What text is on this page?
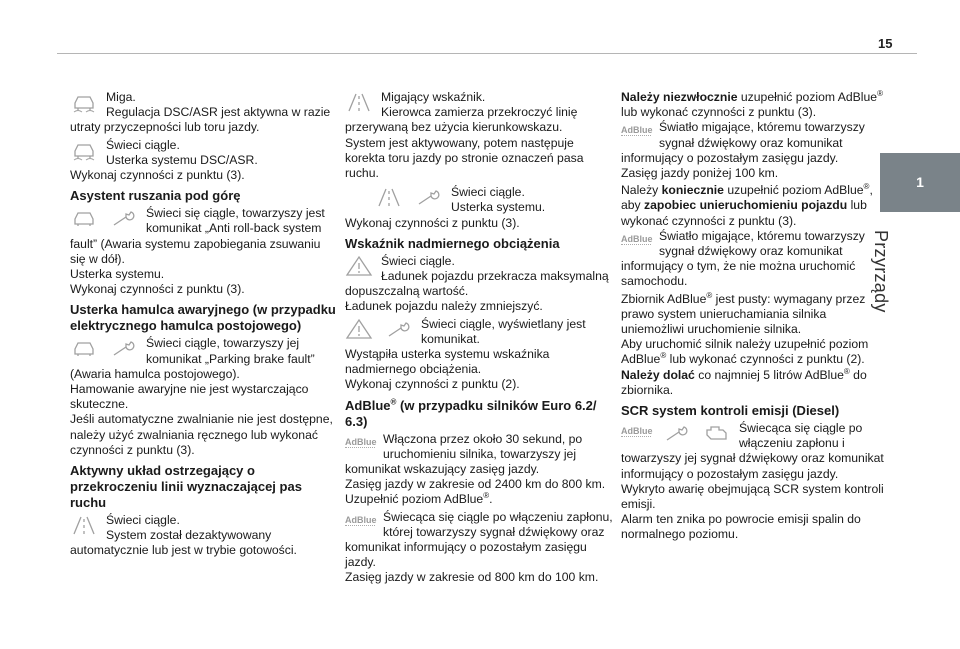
15
1
Przyrządy

Miga.

Regulacja DSC/ASR jest aktywna w razie utraty przyczepności lub toru jazdy.

Świeci ciągle.

Usterka systemu DSC/ASR.

Wykonaj czynności z punktu (3).

Asystent ruszania pod górę

Świeci się ciągle, towarzyszy jest komunikat „Anti roll-back system fault” (Awaria systemu zapobiegania zsuwaniu się w dół).

Usterka systemu.

Wykonaj czynności z punktu (3).

Usterka hamulca awaryjnego (w przypadku elektrycznego hamulca postojowego)

Świeci ciągle, towarzyszy jej komunikat „Parking brake fault” (Awaria hamulca postojowego).

Hamowanie awaryjne nie jest wystarczająco skuteczne.

Jeśli automatyczne zwalnianie nie jest dostępne, należy użyć zwalniania ręcznego lub wykonać czynności z punktu (3).

Aktywny układ ostrzegający o przekroczeniu linii wyznaczającej pas ruchu

Świeci ciągle.

System został dezaktywowany automatycznie lub jest w trybie gotowości.

Migający wskaźnik.

Kierowca zamierza przekroczyć linię przerywaną bez użycia kierunkowskazu.

System jest aktywowany, potem następuje korekta toru jazdy po stronie oznaczeń pasa ruchu.

Świeci ciągle.

Usterka systemu.

Wykonaj czynności z punktu (3).

Wskaźnik nadmiernego obciążenia

Świeci ciągle.

Ładunek pojazdu przekracza maksymalną dopuszczalną wartość.

Ładunek pojazdu należy zmniejszyć.

Świeci ciągle, wyświetlany jest komunikat.

Wystąpiła usterka systemu wskaźnika nadmiernego obciążenia.

Wykonaj czynności z punktu (2).

AdBlue® (w przypadku silników Euro 6.2/ 6.3)
AdBlue Włączona przez około 30 sekund, po uruchomieniu silnika, towarzyszy jej komunikat wskazujący zasięg jazdy.

Zasięg jazdy w zakresie od 2400 km do 800 km.

Uzupełnić poziom AdBlue®.

AdBlue Świecąca się ciągle po włączeniu zapłonu, której towarzyszy sygnał dźwiękowy oraz komunikat informujący o pozostałym zasięgu jazdy.

Zasięg jazdy w zakresie od 800 km do 100 km.

Należy niezwłocznie uzupełnić poziom AdBlue® lub wykonać czynności z punktu (3).

AdBlue Światło migające, któremu towarzyszy sygnał dźwiękowy oraz komunikat informujący o pozostałym zasięgu jazdy.

Zasięg jazdy poniżej 100 km.

Należy koniecznie uzupełnić poziom AdBlue®, aby zapobiec unieruchomieniu pojazdu lub wykonać czynności z punktu (3).

AdBlue Światło migające, któremu towarzyszy sygnał dźwiękowy oraz komunikat informujący o tym, że nie można uruchomić samochodu.

Zbiornik AdBlue® jest pusty: wymagany przez prawo system unieruchamiania silnika uniemożliwi uruchomienie silnika.

Aby uruchomić silnik należy uzupełnić poziom AdBlue® lub wykonać czynności z punktu (2).

Należy dolać co najmniej 5 litrów AdBlue® do zbiornika.

SCR system kontroli emisji (Diesel)
AdBlue	Świecąca się ciągle po włączeniu zapłonu i towarzyszy jej sygnał dźwiękowy oraz komunikat informujący o pozostałym zasięgu jazdy.

Wykryto awarię obejmującą SCR system kontroli emisji.

Alarm ten znika po powrocie emisji spalin do normalnego poziomu.
